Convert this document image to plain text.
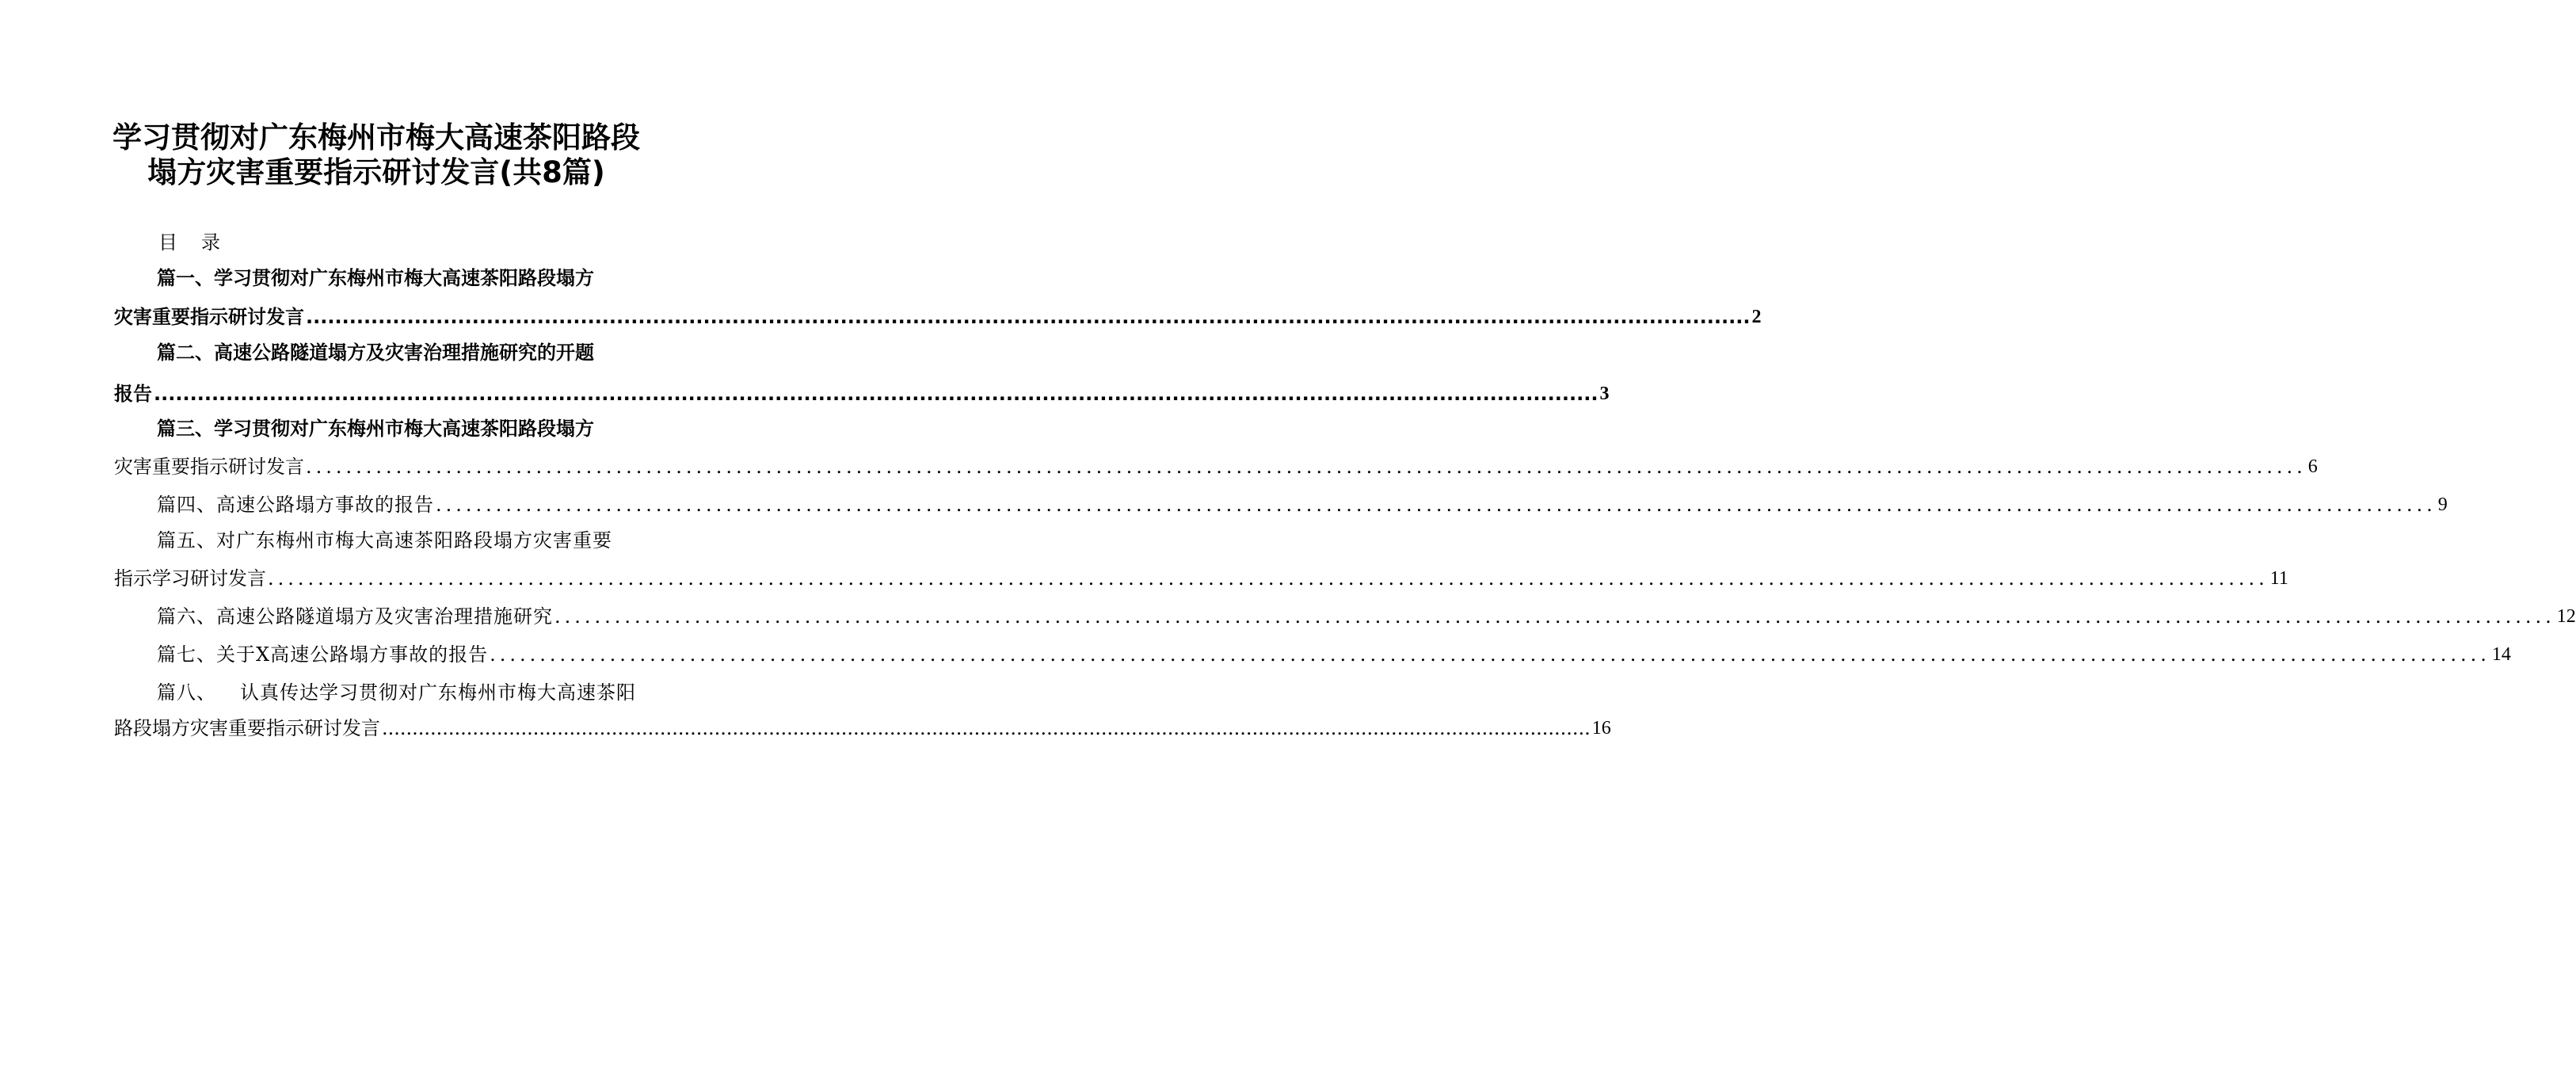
学习贯彻对广东梅州市梅大高速茶阳路段
塌方灾害重要指示研讨发言(共8篇)
目 录
篇一、学习贯彻对广东梅州市梅大高速茶阳路段塌方
灾害重要指示研讨发言 ........................................................................................................................................................................................................ 2
篇二、高速公路隧道塌方及灾害治理措施研究的开题
报告 ........................................................................................................................................................................................................ 3
篇三、学习贯彻对广东梅州市梅大高速茶阳路段塌方
灾害重要指示研讨发言 ........................................................................................................................................................................................................ 6
篇四、高速公路塌方事故的报告 ........................................................................................................................................................................................................ 9
篇五、对广东梅州市梅大高速茶阳路段塌方灾害重要
指示学习研讨发言 ........................................................................................................................................................................................................ 11
篇六、高速公路隧道塌方及灾害治理措施研究 ........................................................................................................................................................................................................ 12
篇七、关于X高速公路塌方事故的报告 ........................................................................................................................................................................................................ 14
篇八、 认真传达学习贯彻对广东梅州市梅大高速茶阳
路段塌方灾害重要指示研讨发言 ........................................................................................................................................................................................................ 16
